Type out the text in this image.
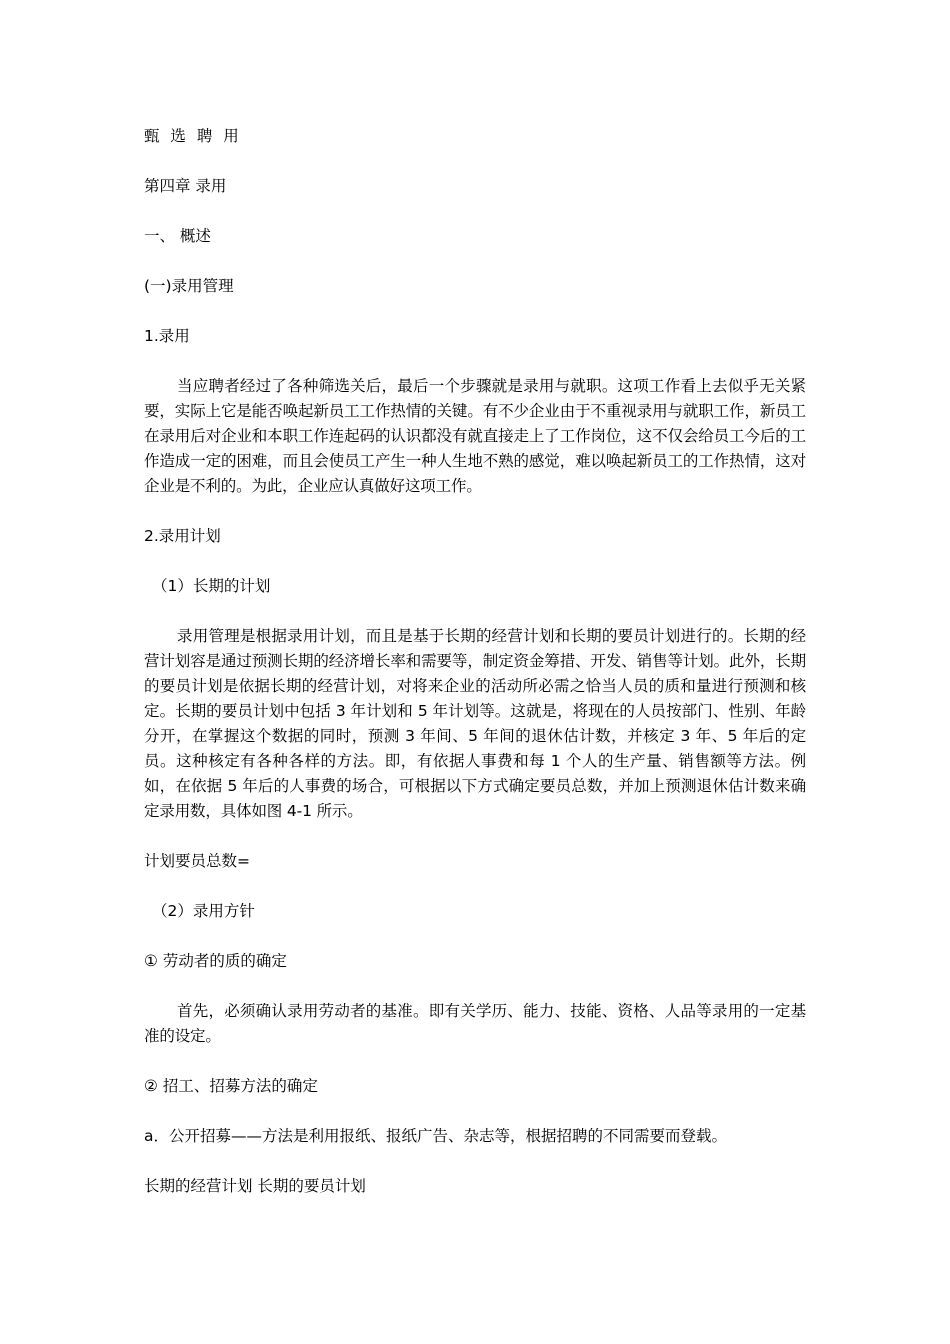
甄 选 聘 用
第四章 录用
一、 概述
(一)录用管理
1.录用

当应聘者经过了各种筛选关后，最后一个步骤就是录用与就职。这项工作看上去似乎无关紧要，实际上它是能否唤起新员工工作热情的关键。有不少企业由于不重视录用与就职工作，新员工在录用后对企业和本职工作连起码的认识都没有就直接走上了工作岗位，这不仅会给员工今后的工作造成一定的困难，而且会使员工产生一种人生地不熟的感觉，难以唤起新员工的工作热情，这对企业是不利的。为此，企业应认真做好这项工作。

2.录用计划
（1）长期的计划

录用管理是根据录用计划，而且是基于长期的经营计划和长期的要员计划进行的。长期的经营计划容是通过预测长期的经济增长率和需要等，制定资金筹措、开发、销售等计划。此外，长期的要员计划是依据长期的经营计划，对将来企业的活动所必需之恰当人员的质和量进行预测和核定。长期的要员计划中包括 3 年计划和 5 年计划等。这就是，将现在的人员按部门、性别、年龄分开，在掌握这个数据的同时，预测 3 年间、5 年间的退休估计数，并核定 3 年、5 年后的定员。这种核定有各种各样的方法。即，有依据人事费和每 1 个人的生产量、销售额等方法。例如，在依据 5 年后的人事费的场合，可根据以下方式确定要员总数，并加上预测退休估计数来确定录用数，具体如图 4-1 所示。

计划要员总数=
（2）录用方针
① 劳动者的质的确定

首先，必须确认录用劳动者的基准。即有关学历、能力、技能、资格、人品等录用的一定基准的设定。

② 招工、招募方法的确定
a．公开招募——方法是利用报纸、报纸广告、杂志等，根据招聘的不同需要而登载。
长期的经营计划 长期的要员计划
